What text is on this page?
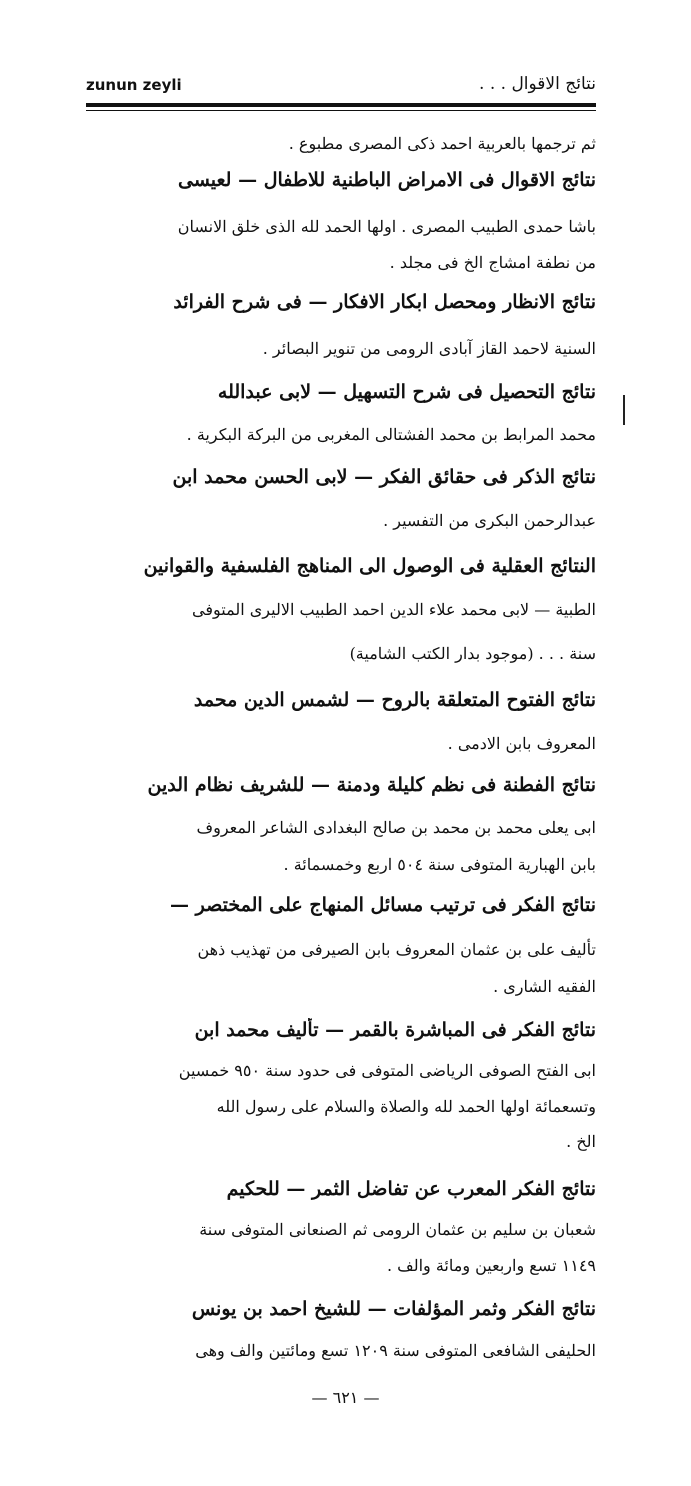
zunun zeyli	نتائج الاقوال . . .
ثم ترجمها بالعربية احمد ذكى المصرى مطبوع .
نتائج الاقوال فى الامراض الباطنية للاطفال — لعيسى
باشا حمدى الطبيب المصرى . اولها الحمد لله الذى خلق الانسان
من نطفة امشاج الخ فى مجلد .
نتائج الانظار ومحصل ابكار الافكار — فى شرح الفرائد
السنية لاحمد القاز آبادى الرومى من تنوير البصائر .
نتائج التحصيل فى شرح التسهيل — لابى عبدالله
محمد المرابط بن محمد الفشتالى المغربى من البركة البكرية .
نتائج الذكر فى حقائق الفكر — لابى الحسن محمد ابن
عبدالرحمن البكرى من التفسير .
النتائج العقلية فى الوصول الى المناهج الفلسفية والقوانين
الطبية — لابى محمد علاء الدين احمد الطبيب الاليرى المتوفى
سنة . . . (موجود بدار الكتب الشامية)
نتائج الفتوح المتعلقة بالروح — لشمس الدين محمد
المعروف بابن الادمى .
نتائج الفطنة فى نظم كليلة ودمنة — للشريف نظام الدين
ابى يعلى محمد بن محمد بن صالح البغدادى الشاعر المعروف
بابن الهبارية المتوفى سنة ٥٠٤ اربع وخمسمائة .
نتائج الفكر فى ترتيب مسائل المنهاج على المختصر —
تأليف على بن عثمان المعروف بابن الصيرفى من تهذيب ذهن
الفقيه الشارى .
نتائج الفكر فى المباشرة بالقمر — تأليف محمد ابن
ابى الفتح الصوفى الرياضى المتوفى فى حدود سنة ٩٥٠ خمسين
وتسعمائة اولها الحمد لله والصلاة والسلام على رسول الله
الخ .
نتائج الفكر المعرب عن تفاضل الثمر — للحكيم
شعبان بن سليم بن عثمان الرومى ثم الصنعانى المتوفى سنة
١١٤٩ تسع واربعين ومائة والف .
نتائج الفكر وثمر المؤلفات — للشيخ احمد بن يونس
الحليفى الشافعى المتوفى سنة ١٢٠٩ تسع ومائتين والف وهى
— ٦٢١ —
